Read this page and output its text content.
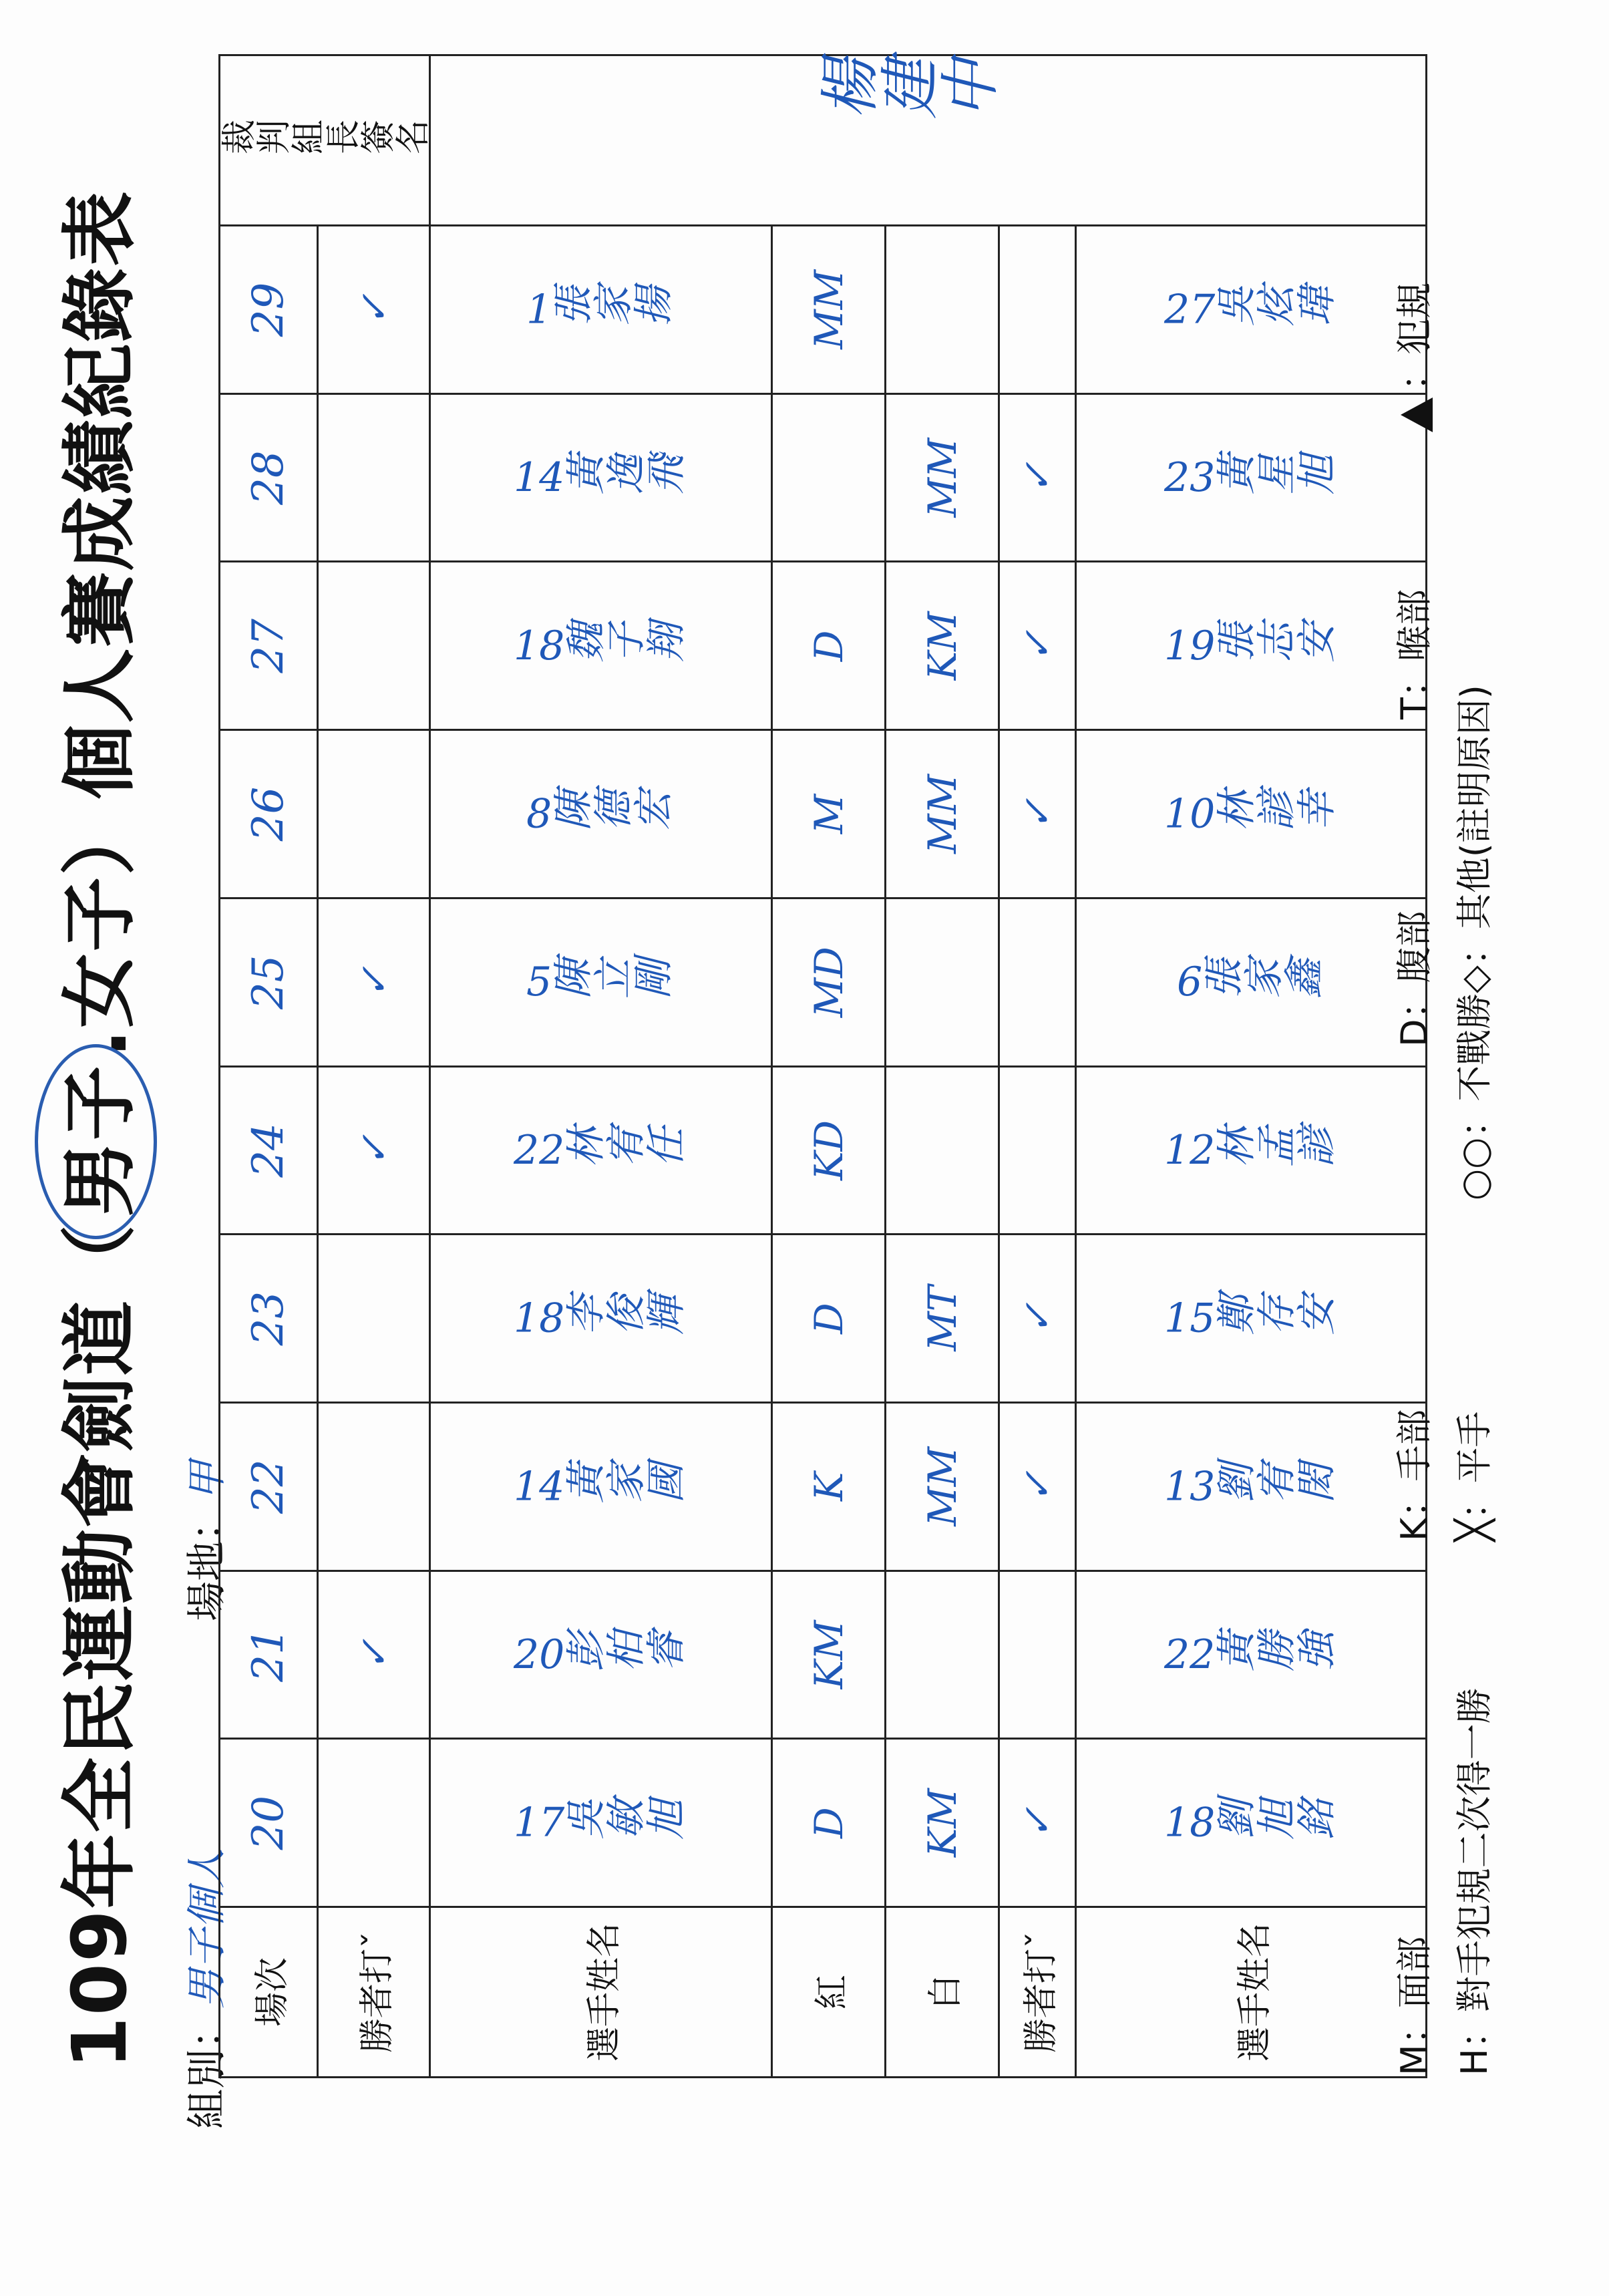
109年全民運動會劍道（男子.女子）個人賽成績紀錄表
組別：男子個人
場地：甲
場次	20	21	22	23	24	25	26	27	28	29	裁判組長簽名
勝者打ˇ		✓			✓	✓				✓	
選手姓名	17吳敏旭	20彭柏睿	14黃家國	18李俊輝	22林宥任	5陳立剛	8陳德宏	18魏子翔	14黃逸飛	1張家揚	
紅	D	KM	K	D	KD	MD	M	D		MM	
白	KM		MM	MT			MM	KM	MM		
勝者打ˇ	✓		✓	✓			✓	✓	✓		
選手姓名	18劉旭銘	22黃勝強	13劉宥閎	15鄭存安	12林孟諺	6張家鑫	10林諺幸	19張志安	23黃星旭	27吳炫瑋	
楊建中
M：面部
K：手部
D：腹部
T：喉部
：犯規
H：對手犯規二次得一勝
╳：平手
○○：不戰勝◇：其他(註明原因)
